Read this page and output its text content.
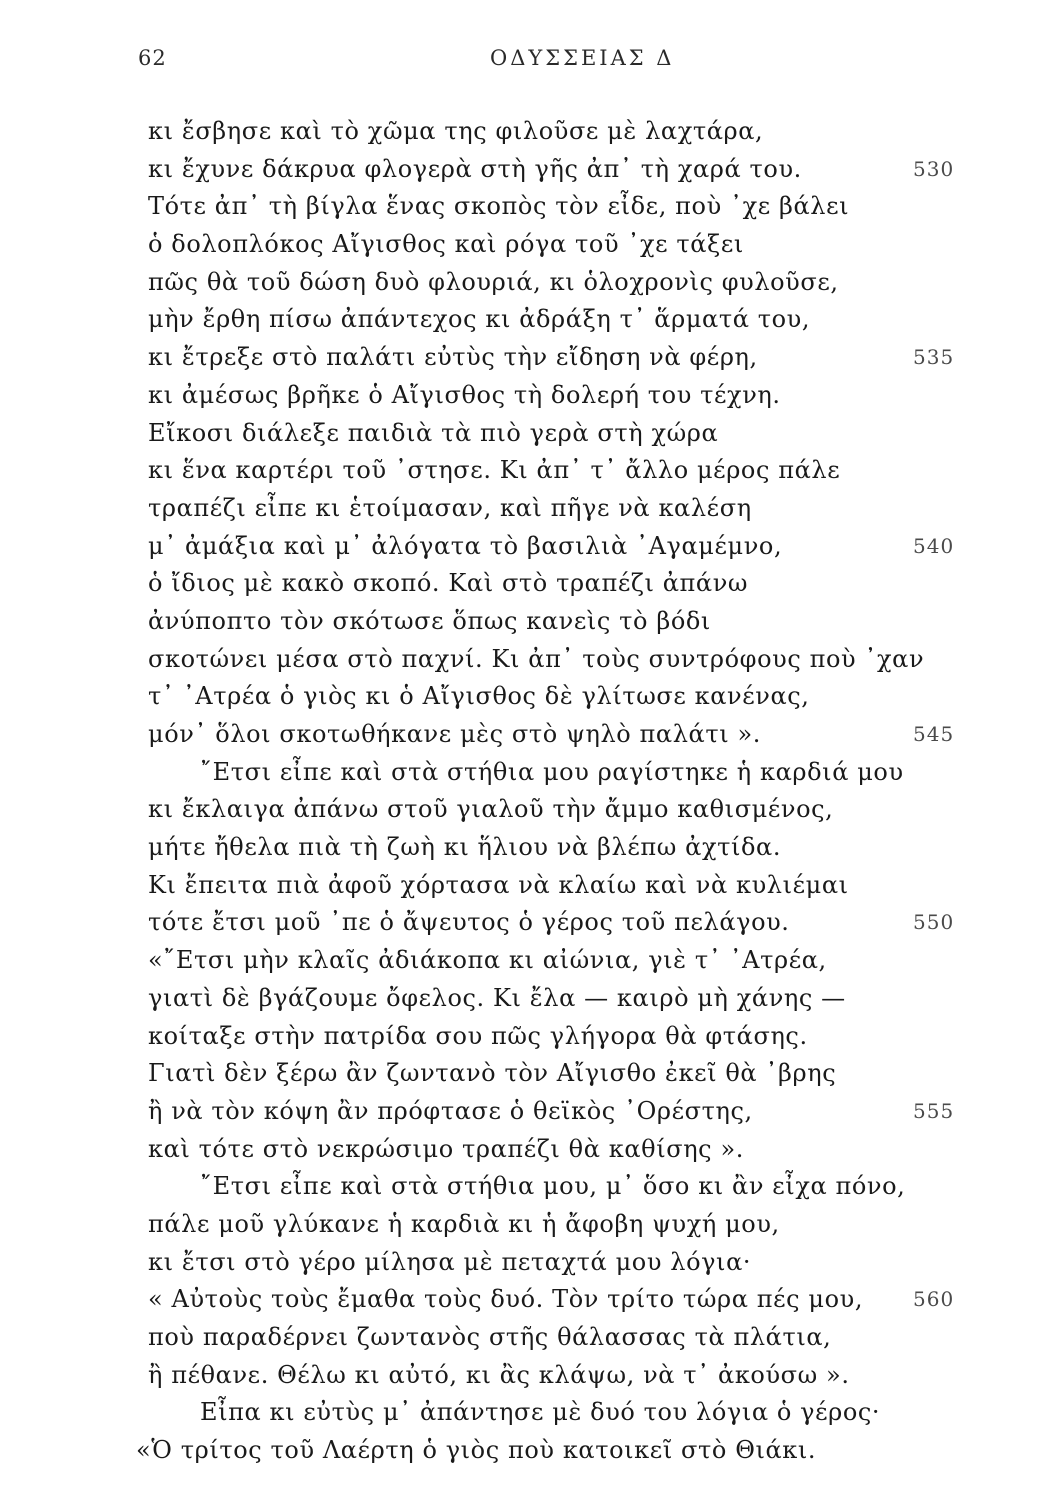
62	ΟΔΥΣΣΕΙΑΣ Δ
κι ἔσβησε καὶ τὸ χῶμα της φιλοῦσε μὲ λαχτάρα,
κι ἔχυνε δάκρυα φλογερὰ στὴ γῆς ἀπ᾽ τὴ χαρά του.	530
Τότε ἀπ᾽ τὴ βίγλα ἕνας σκοπὸς τὸν εἶδε, ποὺ ᾽χε βάλει
ὁ δολοπλόκος Αἴγισθος καὶ ρόγα τοῦ ᾽χε τάξει
πῶς θὰ τοῦ δώση δυὸ φλουριά, κι ὁλοχρονὶς φυλοῦσε,
μὴν ἔρθη πίσω ἀπάντεχος κι ἀδράξη τ᾽ ἅρματά του,
κι ἔτρεξε στὸ παλάτι εὐτὺς τὴν εἴδηση νὰ φέρη,	535
κι ἀμέσως βρῆκε ὁ Αἴγισθος τὴ δολερή του τέχνη.
Εἴκοσι διάλεξε παιδιὰ τὰ πιὸ γερὰ στὴ χώρα
κι ἕνα καρτέρι τοῦ ᾽στησε. Κι ἀπ᾽ τ᾽ ἄλλο μέρος πάλε
τραπέζι εἶπε κι ἑτοίμασαν, καὶ πῆγε νὰ καλέση
μ᾽ ἀμάξια καὶ μ᾽ ἀλόγατα τὸ βασιλιὰ ᾽Αγαμέμνο,	540
ὁ ἴδιος μὲ κακὸ σκοπό. Καὶ στὸ τραπέζι ἀπάνω
ἀνύποπτο τὸν σκότωσε ὅπως κανεὶς τὸ βόδι
σκοτώνει μέσα στὸ παχνί. Κι ἀπ᾽ τοὺς συντρόφους ποὺ ᾽χαν
τ᾽ ᾽Ατρέα ὁ γιὸς κι ὁ Αἴγισθος δὲ γλίτωσε κανένας,
μόν᾽ ὅλοι σκοτωθήκανε μὲς στὸ ψηλὸ παλάτι ».	545
῎Ετσι εἶπε καὶ στὰ στήθια μου ραγίστηκε ἡ καρδιά μου
κι ἔκλαιγα ἀπάνω στοῦ γιαλοῦ τὴν ἄμμο καθισμένος,
μήτε ἤθελα πιὰ τὴ ζωὴ κι ἥλιου νὰ βλέπω ἀχτίδα.
Κι ἔπειτα πιὰ ἀφοῦ χόρτασα νὰ κλαίω καὶ νὰ κυλιέμαι
τότε ἔτσι μοῦ ᾽πε ὁ ἄψευτος ὁ γέρος τοῦ πελάγου.	550
«῎Ετσι μὴν κλαῖς ἀδιάκοπα κι αἰώνια, γιὲ τ᾽ ᾽Ατρέα,
γιατὶ δὲ βγάζουμε ὄφελος. Κι ἔλα — καιρὸ μὴ χάνης —
κοίταξε στὴν πατρίδα σου πῶς γλήγορα θὰ φτάσης.
Γιατὶ δὲν ξέρω ἂν ζωντανὸ τὸν Αἴγισθο ἐκεῖ θὰ ᾽βρης
ἢ νὰ τὸν κόψη ἂν πρόφτασε ὁ θεϊκὸς ᾽Ορέστης,	555
καὶ τότε στὸ νεκρώσιμο τραπέζι θὰ καθίσης ».
῎Ετσι εἶπε καὶ στὰ στήθια μου, μ᾽ ὅσο κι ἂν εἶχα πόνο,
πάλε μοῦ γλύκανε ἡ καρδιὰ κι ἡ ἄφοβη ψυχή μου,
κι ἔτσι στὸ γέρο μίλησα μὲ πεταχτά μου λόγια·
« Αὐτοὺς τοὺς ἔμαθα τοὺς δυό. Τὸν τρίτο τώρα πές μου, 560
ποὺ παραδέρνει ζωντανὸς στῆς θάλασσας τὰ πλάτια,
ἢ πέθανε. Θέλω κι αὐτό, κι ἂς κλάψω, νὰ τ᾽ ἀκούσω ».
Εἶπα κι εὐτὺς μ᾽ ἀπάντησε μὲ δυό του λόγια ὁ γέρος·
«Ὁ τρίτος τοῦ Λαέρτη ὁ γιὸς ποὺ κατοικεῖ στὸ Θιάκι.
